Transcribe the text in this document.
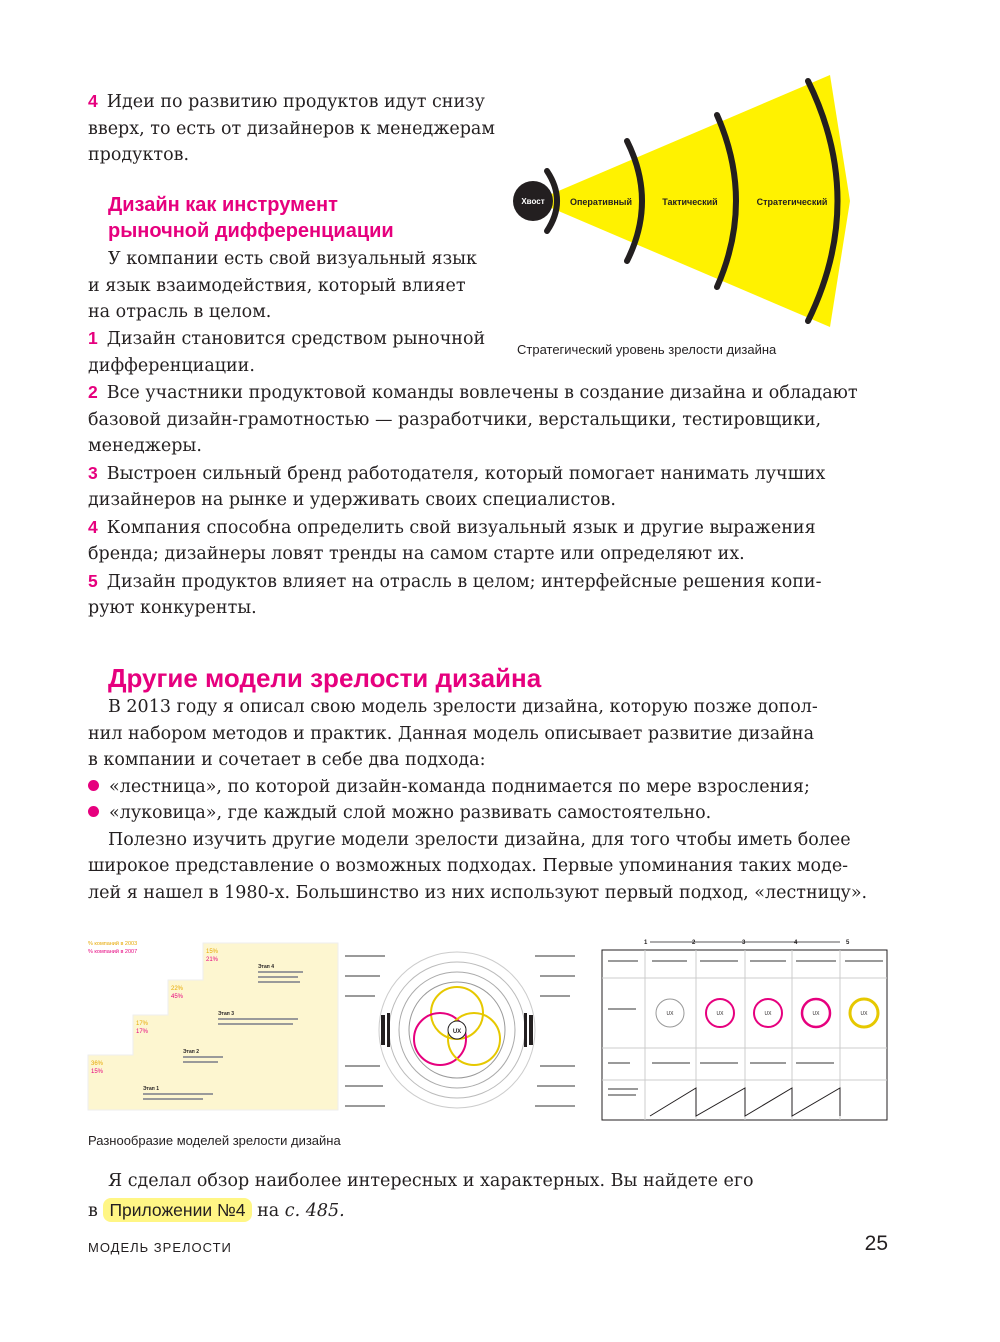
4 Идеи по развитию продуктов идут снизу
вверх, то есть от дизайнеров к менеджерам
продуктов.
Дизайн как инструмент
рыночной дифференциации
У компании есть свой визуальный язык
и язык взаимодействия, который влияет
на отрасль в целом.
1 Дизайн становится средством рыночной
дифференциации.
2 Все участники продуктовой команды вовлечены в создание дизайна и обладают
базовой дизайн-грамотностью — разработчики, верстальщики, тестировщики,
менеджеры.
3 Выстроен сильный бренд работодателя, который помогает нанимать лучших
дизайнеров на рынке и удерживать своих специалистов.
4 Компания способна определить свой визуальный язык и другие выражения
бренда; дизайнеры ловят тренды на самом старте или определяют их.
5 Дизайн продуктов влияет на отрасль в целом; интерфейсные решения копи-
руют конкуренты.
Хвост	Оперативный	Тактический	Стратегический
Стратегический уровень зрелости дизайна
Другие модели зрелости дизайна
В 2013 году я описал свою модель зрелости дизайна, которую позже допол-
нил набором методов и практик. Данная модель описывает развитие дизайна
в компании и сочетает в себе два подхода:
«лестница», по которой дизайн-команда поднимается по мере взросления;
«луковица», где каждый слой можно развивать самостоятельно.
Полезно изучить другие модели зрелости дизайна, для того чтобы иметь более
широкое представление о возможных подходах. Первые упоминания таких моде-
лей я нашел в 1980-х. Большинство из них используют первый подход, «лестницу».
% компаний в 2003
% компаний в 2007
36%
15%
17%
17%
22%
45%
15%
21%
Этап 1
Этап 2
Этап 3
Этап 4
UX
1	2	3	4	5
UX	UX	UX	UX	UX
Разнообразие моделей зрелости дизайна
Я сделал обзор наиболее интересных и характерных. Вы найдете его
в Приложении №4 на с. 485.
МОДЕЛЬ ЗРЕЛОСТИ	25
